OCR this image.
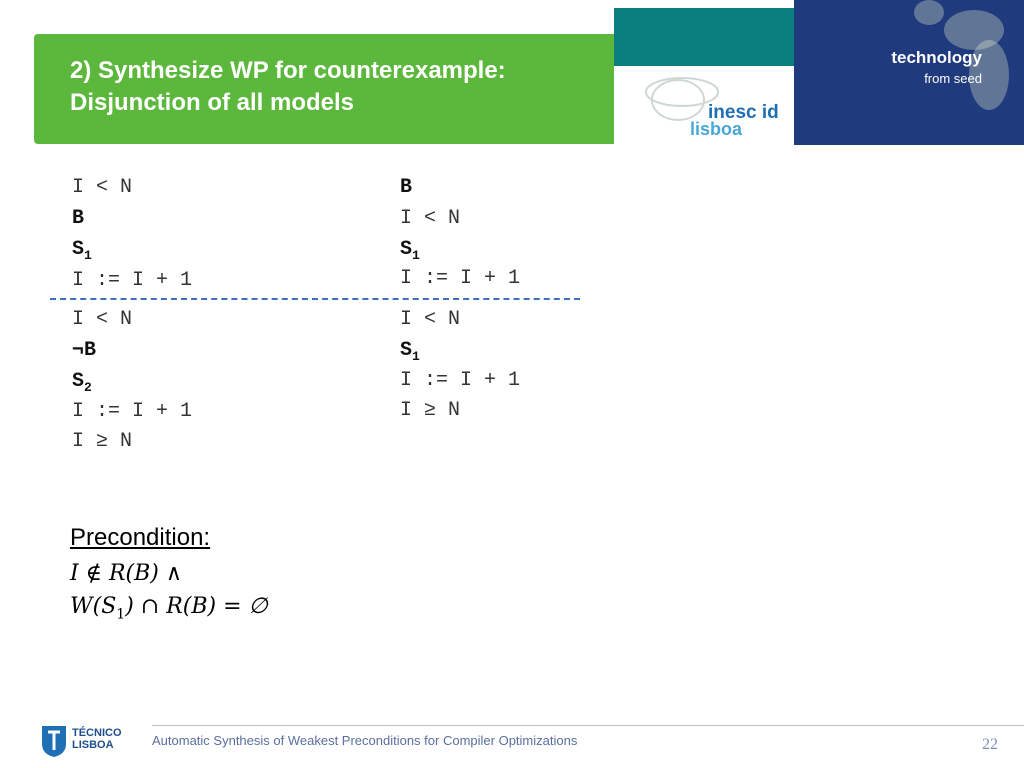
2) Synthesize WP for counterexample:
Disjunction of all models
technology
from seed
inesc id
lisboa
I < N
B
$S_1$
I := I + 1
I < N
¬B
$S_2$
I := I + 1
I ≥ N
B
I < N
$S_1$
I := I + 1
I < N
$S_1$
I := I + 1
I ≥ N
Precondition:
I ∉ R(B) ∧
$W(S_1)$ ∩ R(B) = ∅
TÉCNICO
LISBOA	Automatic Synthesis of Weakest Preconditions for Compiler Optimizations	22
